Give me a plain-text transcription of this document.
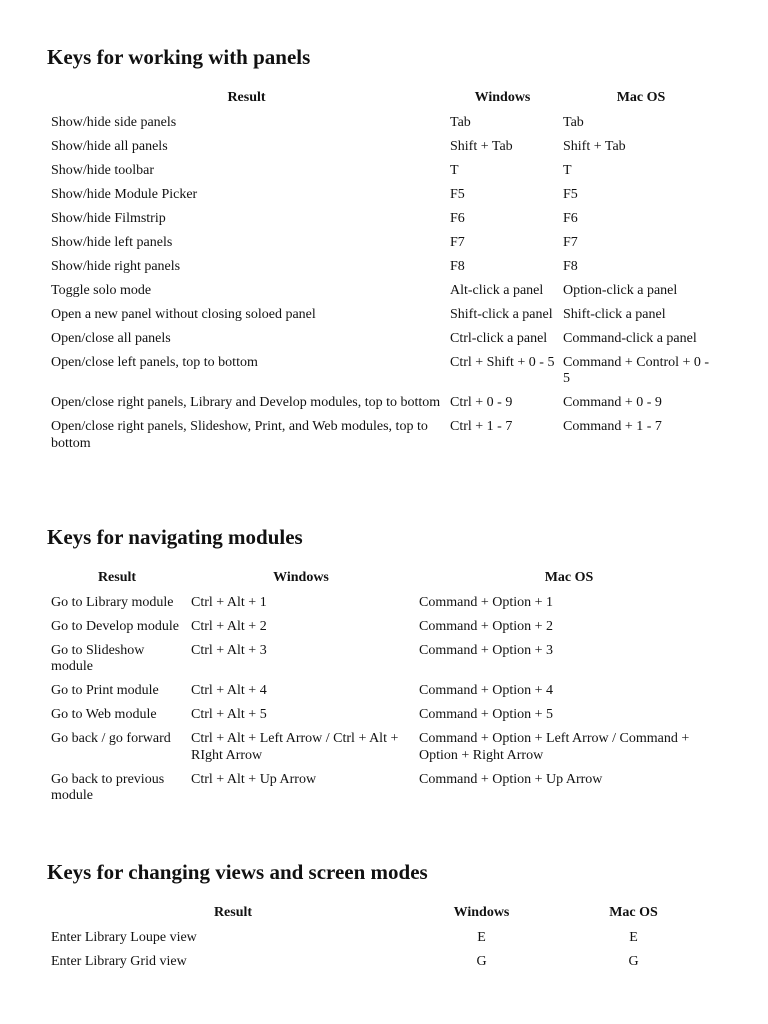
Keys for working with panels
Result	Windows	Mac OS
Show/hide side panels	Tab	Tab
Show/hide all panels	Shift + Tab	Shift + Tab
Show/hide toolbar	T	T
Show/hide Module Picker	F5	F5
Show/hide Filmstrip	F6	F6
Show/hide left panels	F7	F7
Show/hide right panels	F8	F8
Toggle solo mode	Alt-click a panel	Option-click a panel
Open a new panel without closing soloed panel	Shift-click a panel	Shift-click a panel
Open/close all panels	Ctrl-click a panel	Command-click a panel
Open/close left panels, top to bottom	Ctrl + Shift + 0 - 5	Command + Control + 0 - 5
Open/close right panels, Library and Develop modules, top to bottom	Ctrl + 0 - 9	Command + 0 - 9
Open/close right panels, Slideshow, Print, and Web modules, top to bottom	Ctrl + 1 - 7	Command + 1 - 7
Keys for navigating modules
Result	Windows	Mac OS
Go to Library module	Ctrl + Alt + 1	Command + Option + 1
Go to Develop module	Ctrl + Alt + 2	Command + Option + 2
Go to Slideshow module	Ctrl + Alt + 3	Command + Option + 3
Go to Print module	Ctrl + Alt + 4	Command + Option + 4
Go to Web module	Ctrl + Alt + 5	Command + Option + 5
Go back / go forward	Ctrl + Alt + Left Arrow / Ctrl + Alt + RIght Arrow	Command + Option + Left Arrow / Command + Option + Right Arrow
Go back to previous module	Ctrl + Alt + Up Arrow	Command + Option + Up Arrow
Keys for changing views and screen modes
Result	Windows	Mac OS
Enter Library Loupe view	E	E
Enter Library Grid view	G	G
